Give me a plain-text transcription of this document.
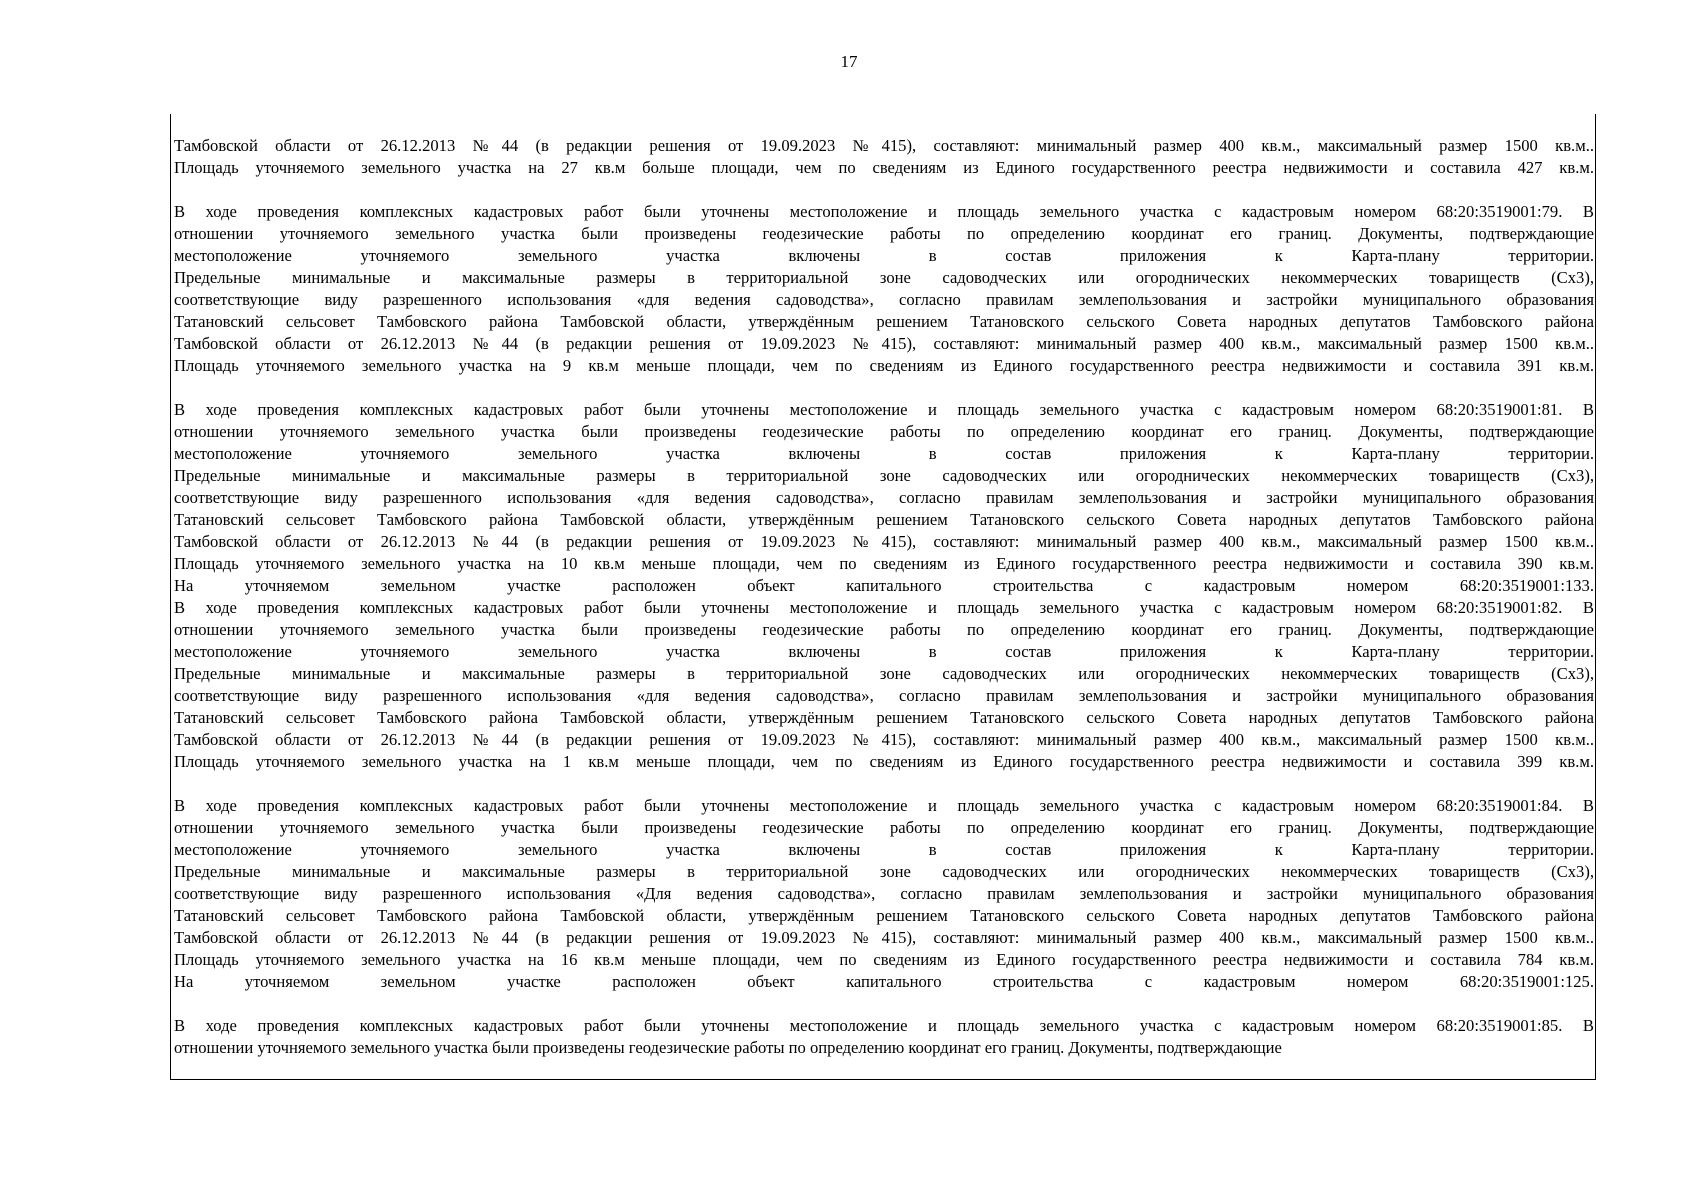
17
Тамбовской области от 26.12.2013 №44 (в редакции решения от 19.09.2023 №415), составляют: минимальный размер 400 кв.м., максимальный размер 1500 кв.м..
Площадь уточняемого земельного участка на 27 кв.м больше площади, чем по сведениям из Единого государственного реестра недвижимости и составила 427 кв.м.
В ходе проведения комплексных кадастровых работ были уточнены местоположение и площадь земельного участка с кадастровым номером 68:20:3519001:79. В
отношении уточняемого земельного участка были произведены геодезические работы по определению координат его границ. Документы, подтверждающие
местоположение уточняемого земельного участка включены в состав приложения к Карта-плану территории.
Предельные минимальные и максимальные размеры в территориальной зоне садоводческих или огороднических некоммерческих товариществ (Сх3),
соответствующие виду разрешенного использования «для ведения садоводства», согласно правилам землепользования и застройки муниципального образования
Татановский сельсовет Тамбовского района Тамбовской области, утверждённым решением Татановского сельского Совета народных депутатов Тамбовского района
Тамбовской области от 26.12.2013 №44 (в редакции решения от 19.09.2023 №415), составляют: минимальный размер 400 кв.м., максимальный размер 1500 кв.м..
Площадь уточняемого земельного участка на 9 кв.м меньше площади, чем по сведениям из Единого государственного реестра недвижимости и составила 391 кв.м.
В ходе проведения комплексных кадастровых работ были уточнены местоположение и площадь земельного участка с кадастровым номером 68:20:3519001:81. В
отношении уточняемого земельного участка были произведены геодезические работы по определению координат его границ. Документы, подтверждающие
местоположение уточняемого земельного участка включены в состав приложения к Карта-плану территории.
Предельные минимальные и максимальные размеры в территориальной зоне садоводческих или огороднических некоммерческих товариществ (Сх3),
соответствующие виду разрешенного использования «для ведения садоводства», согласно правилам землепользования и застройки муниципального образования
Татановский сельсовет Тамбовского района Тамбовской области, утверждённым решением Татановского сельского Совета народных депутатов Тамбовского района
Тамбовской области от 26.12.2013 №44 (в редакции решения от 19.09.2023 №415), составляют: минимальный размер 400 кв.м., максимальный размер 1500 кв.м..
Площадь уточняемого земельного участка на 10 кв.м меньше площади, чем по сведениям из Единого государственного реестра недвижимости и составила 390 кв.м.
На уточняемом земельном участке расположен объект капитального строительства с кадастровым номером 68:20:3519001:133.
В ходе проведения комплексных кадастровых работ были уточнены местоположение и площадь земельного участка с кадастровым номером 68:20:3519001:82. В
отношении уточняемого земельного участка были произведены геодезические работы по определению координат его границ. Документы, подтверждающие
местоположение уточняемого земельного участка включены в состав приложения к Карта-плану территории.
Предельные минимальные и максимальные размеры в территориальной зоне садоводческих или огороднических некоммерческих товариществ (Сх3),
соответствующие виду разрешенного использования «для ведения садоводства», согласно правилам землепользования и застройки муниципального образования
Татановский сельсовет Тамбовского района Тамбовской области, утверждённым решением Татановского сельского Совета народных депутатов Тамбовского района
Тамбовской области от 26.12.2013 №44 (в редакции решения от 19.09.2023 №415), составляют: минимальный размер 400 кв.м., максимальный размер 1500 кв.м..
Площадь уточняемого земельного участка на 1 кв.м меньше площади, чем по сведениям из Единого государственного реестра недвижимости и составила 399 кв.м.
В ходе проведения комплексных кадастровых работ были уточнены местоположение и площадь земельного участка с кадастровым номером 68:20:3519001:84. В
отношении уточняемого земельного участка были произведены геодезические работы по определению координат его границ. Документы, подтверждающие
местоположение уточняемого земельного участка включены в состав приложения к Карта-плану территории.
Предельные минимальные и максимальные размеры в территориальной зоне садоводческих или огороднических некоммерческих товариществ (Сх3),
соответствующие виду разрешенного использования «Для ведения садоводства», согласно правилам землепользования и застройки муниципального образования
Татановский сельсовет Тамбовского района Тамбовской области, утверждённым решением Татановского сельского Совета народных депутатов Тамбовского района
Тамбовской области от 26.12.2013 №44 (в редакции решения от 19.09.2023 №415), составляют: минимальный размер 400 кв.м., максимальный размер 1500 кв.м..
Площадь уточняемого земельного участка на 16 кв.м меньше площади, чем по сведениям из Единого государственного реестра недвижимости и составила 784 кв.м.
На уточняемом земельном участке расположен объект капитального строительства с кадастровым номером 68:20:3519001:125.
В ходе проведения комплексных кадастровых работ были уточнены местоположение и площадь земельного участка с кадастровым номером 68:20:3519001:85. В
отношении уточняемого земельного участка были произведены геодезические работы по определению координат его границ. Документы, подтверждающие
